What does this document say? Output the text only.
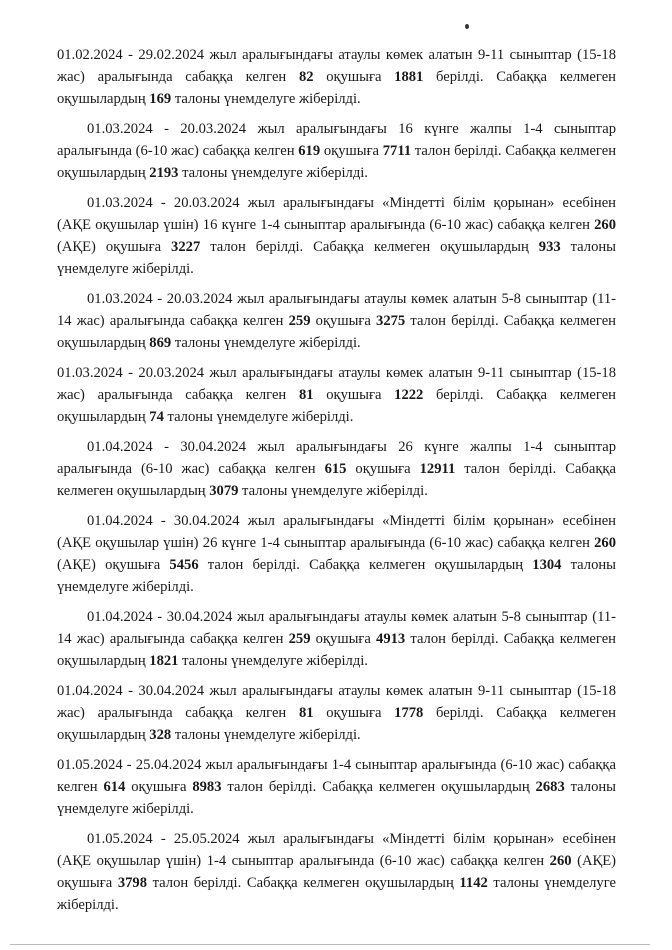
01.02.2024 - 29.02.2024 жыл аралығындағы атаулы көмек алатын 9-11 сыныптар (15-18 жас) аралығында сабаққа келген 82 оқушыға 1881 берілді. Сабаққа келмеген оқушылардың 169 талоны үнемделуге жіберілді.

01.03.2024 - 20.03.2024 жыл аралығындағы 16 күнге жалпы 1-4 сыныптар аралығында (6-10 жас) сабаққа келген 619 оқушыға 7711 талон берілді. Сабаққа келмеген оқушылардың 2193 талоны үнемделуге жіберілді.

01.03.2024 - 20.03.2024 жыл аралығындағы «Міндетті білім қорынан» есебінен (АҚЕ оқушылар үшін) 16 күнге 1-4 сыныптар аралығында (6-10 жас) сабаққа келген 260 (АҚЕ) оқушыға 3227 талон берілді. Сабаққа келмеген оқушылардың 933 талоны үнемделуге жіберілді.

01.03.2024 - 20.03.2024 жыл аралығындағы атаулы көмек алатын 5-8 сыныптар (11-14 жас) аралығында сабаққа келген 259 оқушыға 3275 талон берілді. Сабаққа келмеген оқушылардың 869 талоны үнемделуге жіберілді.

01.03.2024 - 20.03.2024 жыл аралығындағы атаулы көмек алатын 9-11 сыныптар (15-18 жас) аралығында сабаққа келген 81 оқушыға 1222 берілді. Сабаққа келмеген оқушылардың 74 талоны үнемделуге жіберілді.

01.04.2024 - 30.04.2024 жыл аралығындағы 26 күнге жалпы 1-4 сыныптар аралығында (6-10 жас) сабаққа келген 615 оқушыға 12911 талон берілді. Сабаққа келмеген оқушылардың 3079 талоны үнемделуге жіберілді.

01.04.2024 - 30.04.2024 жыл аралығындағы «Міндетті білім қорынан» есебінен (АҚЕ оқушылар үшін) 26 күнге 1-4 сыныптар аралығында (6-10 жас) сабаққа келген 260 (АҚЕ) оқушыға 5456 талон берілді. Сабаққа келмеген оқушылардың 1304 талоны үнемделуге жіберілді.

01.04.2024 - 30.04.2024 жыл аралығындағы атаулы көмек алатын 5-8 сыныптар (11-14 жас) аралығында сабаққа келген 259 оқушыға 4913 талон берілді. Сабаққа келмеген оқушылардың 1821 талоны үнемделуге жіберілді.

01.04.2024 - 30.04.2024 жыл аралығындағы атаулы көмек алатын 9-11 сыныптар (15-18 жас) аралығында сабаққа келген 81 оқушыға 1778 берілді. Сабаққа келмеген оқушылардың 328 талоны үнемделуге жіберілді.

01.05.2024 - 25.04.2024 жыл аралығындағы 1-4 сыныптар аралығында (6-10 жас) сабаққа келген 614 оқушыға 8983 талон берілді. Сабаққа келмеген оқушылардың 2683 талоны үнемделуге жіберілді.

01.05.2024 - 25.05.2024 жыл аралығындағы «Міндетті білім қорынан» есебінен (АҚЕ оқушылар үшін) 1-4 сыныптар аралығында (6-10 жас) сабаққа келген 260 (АҚЕ) оқушыға 3798 талон берілді. Сабаққа келмеген оқушылардың 1142 талоны үнемделуге жіберілді.
